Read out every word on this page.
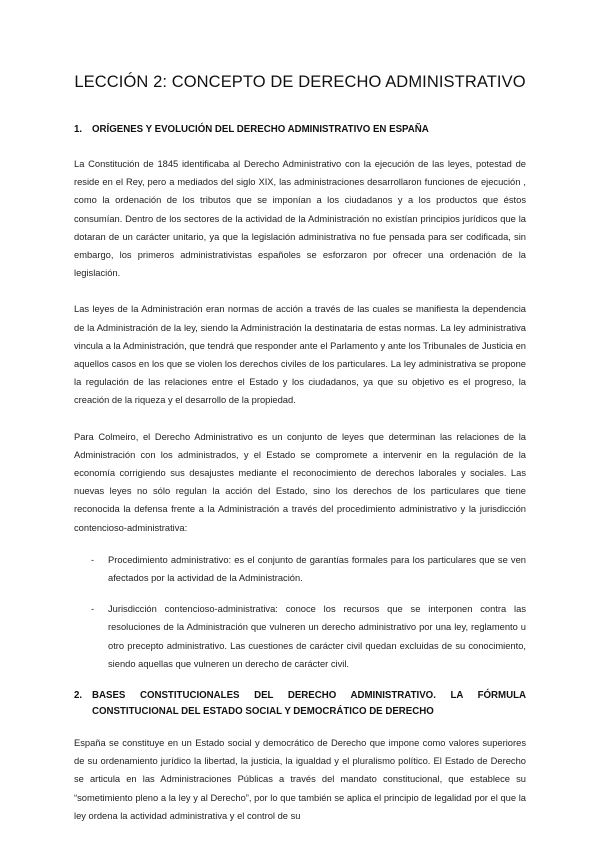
LECCIÓN 2: CONCEPTO DE DERECHO ADMINISTRATIVO
1.	ORÍGENES Y EVOLUCIÓN DEL DERECHO ADMINISTRATIVO EN ESPAÑA

La Constitución de 1845 identificaba al Derecho Administrativo con la ejecución de las leyes, potestad de reside en el Rey, pero a mediados del siglo XIX, las administraciones desarrollaron funciones de ejecución , como la ordenación de los tributos que se imponían a los ciudadanos y a los productos que éstos consumían. Dentro de los sectores de la actividad de la Administración no existían principios jurídicos que la dotaran de un carácter unitario, ya que la legislación administrativa no fue pensada para ser codificada, sin embargo, los primeros administrativistas españoles se esforzaron por ofrecer una ordenación de la legislación.

Las leyes de la Administración eran normas de acción a través de las cuales se manifiesta la dependencia de la Administración de la ley, siendo la Administración la destinataria de estas normas. La ley administrativa vincula a la Administración, que tendrá que responder ante el Parlamento y ante los Tribunales de Justicia en aquellos casos en los que se violen los derechos civiles de los particulares. La ley administrativa se propone la regulación de las relaciones entre el Estado y los ciudadanos, ya que su objetivo es el progreso, la creación de la riqueza y el desarrollo de la propiedad.

Para Colmeiro, el Derecho Administrativo es un conjunto de leyes que determinan las relaciones de la Administración con los administrados, y el Estado se compromete a intervenir en la regulación de la economía corrigiendo sus desajustes mediante el reconocimiento de derechos laborales y sociales. Las nuevas leyes no sólo regulan la acción del Estado, sino los derechos de los particulares que tiene reconocida la defensa frente a la Administración a través del procedimiento administrativo y la jurisdicción contencioso-administrativa:

-	Procedimiento administrativo: es el conjunto de garantías formales para los particulares que se ven afectados por la actividad de la Administración.
-	Jurisdicción contencioso-administrativa: conoce los recursos que se interponen contra las resoluciones de la Administración que vulneren un derecho administrativo por una ley, reglamento u otro precepto administrativo. Las cuestiones de carácter civil quedan excluidas de su conocimiento, siendo aquellas que vulneren un derecho de carácter civil.
2.	BASES CONSTITUCIONALES DEL DERECHO ADMINISTRATIVO. LA FÓRMULA CONSTITUCIONAL DEL ESTADO SOCIAL Y DEMOCRÁTICO DE DERECHO

España se constituye en un Estado social y democrático de Derecho que impone como valores superiores de su ordenamiento jurídico la libertad, la justicia, la igualdad y el pluralismo político. El Estado de Derecho se articula en las Administraciones Públicas a través del mandato constitucional, que establece su “sometimiento pleno a la ley y al Derecho”, por lo que también se aplica el principio de legalidad por el que la ley ordena la actividad administrativa y el control de su
